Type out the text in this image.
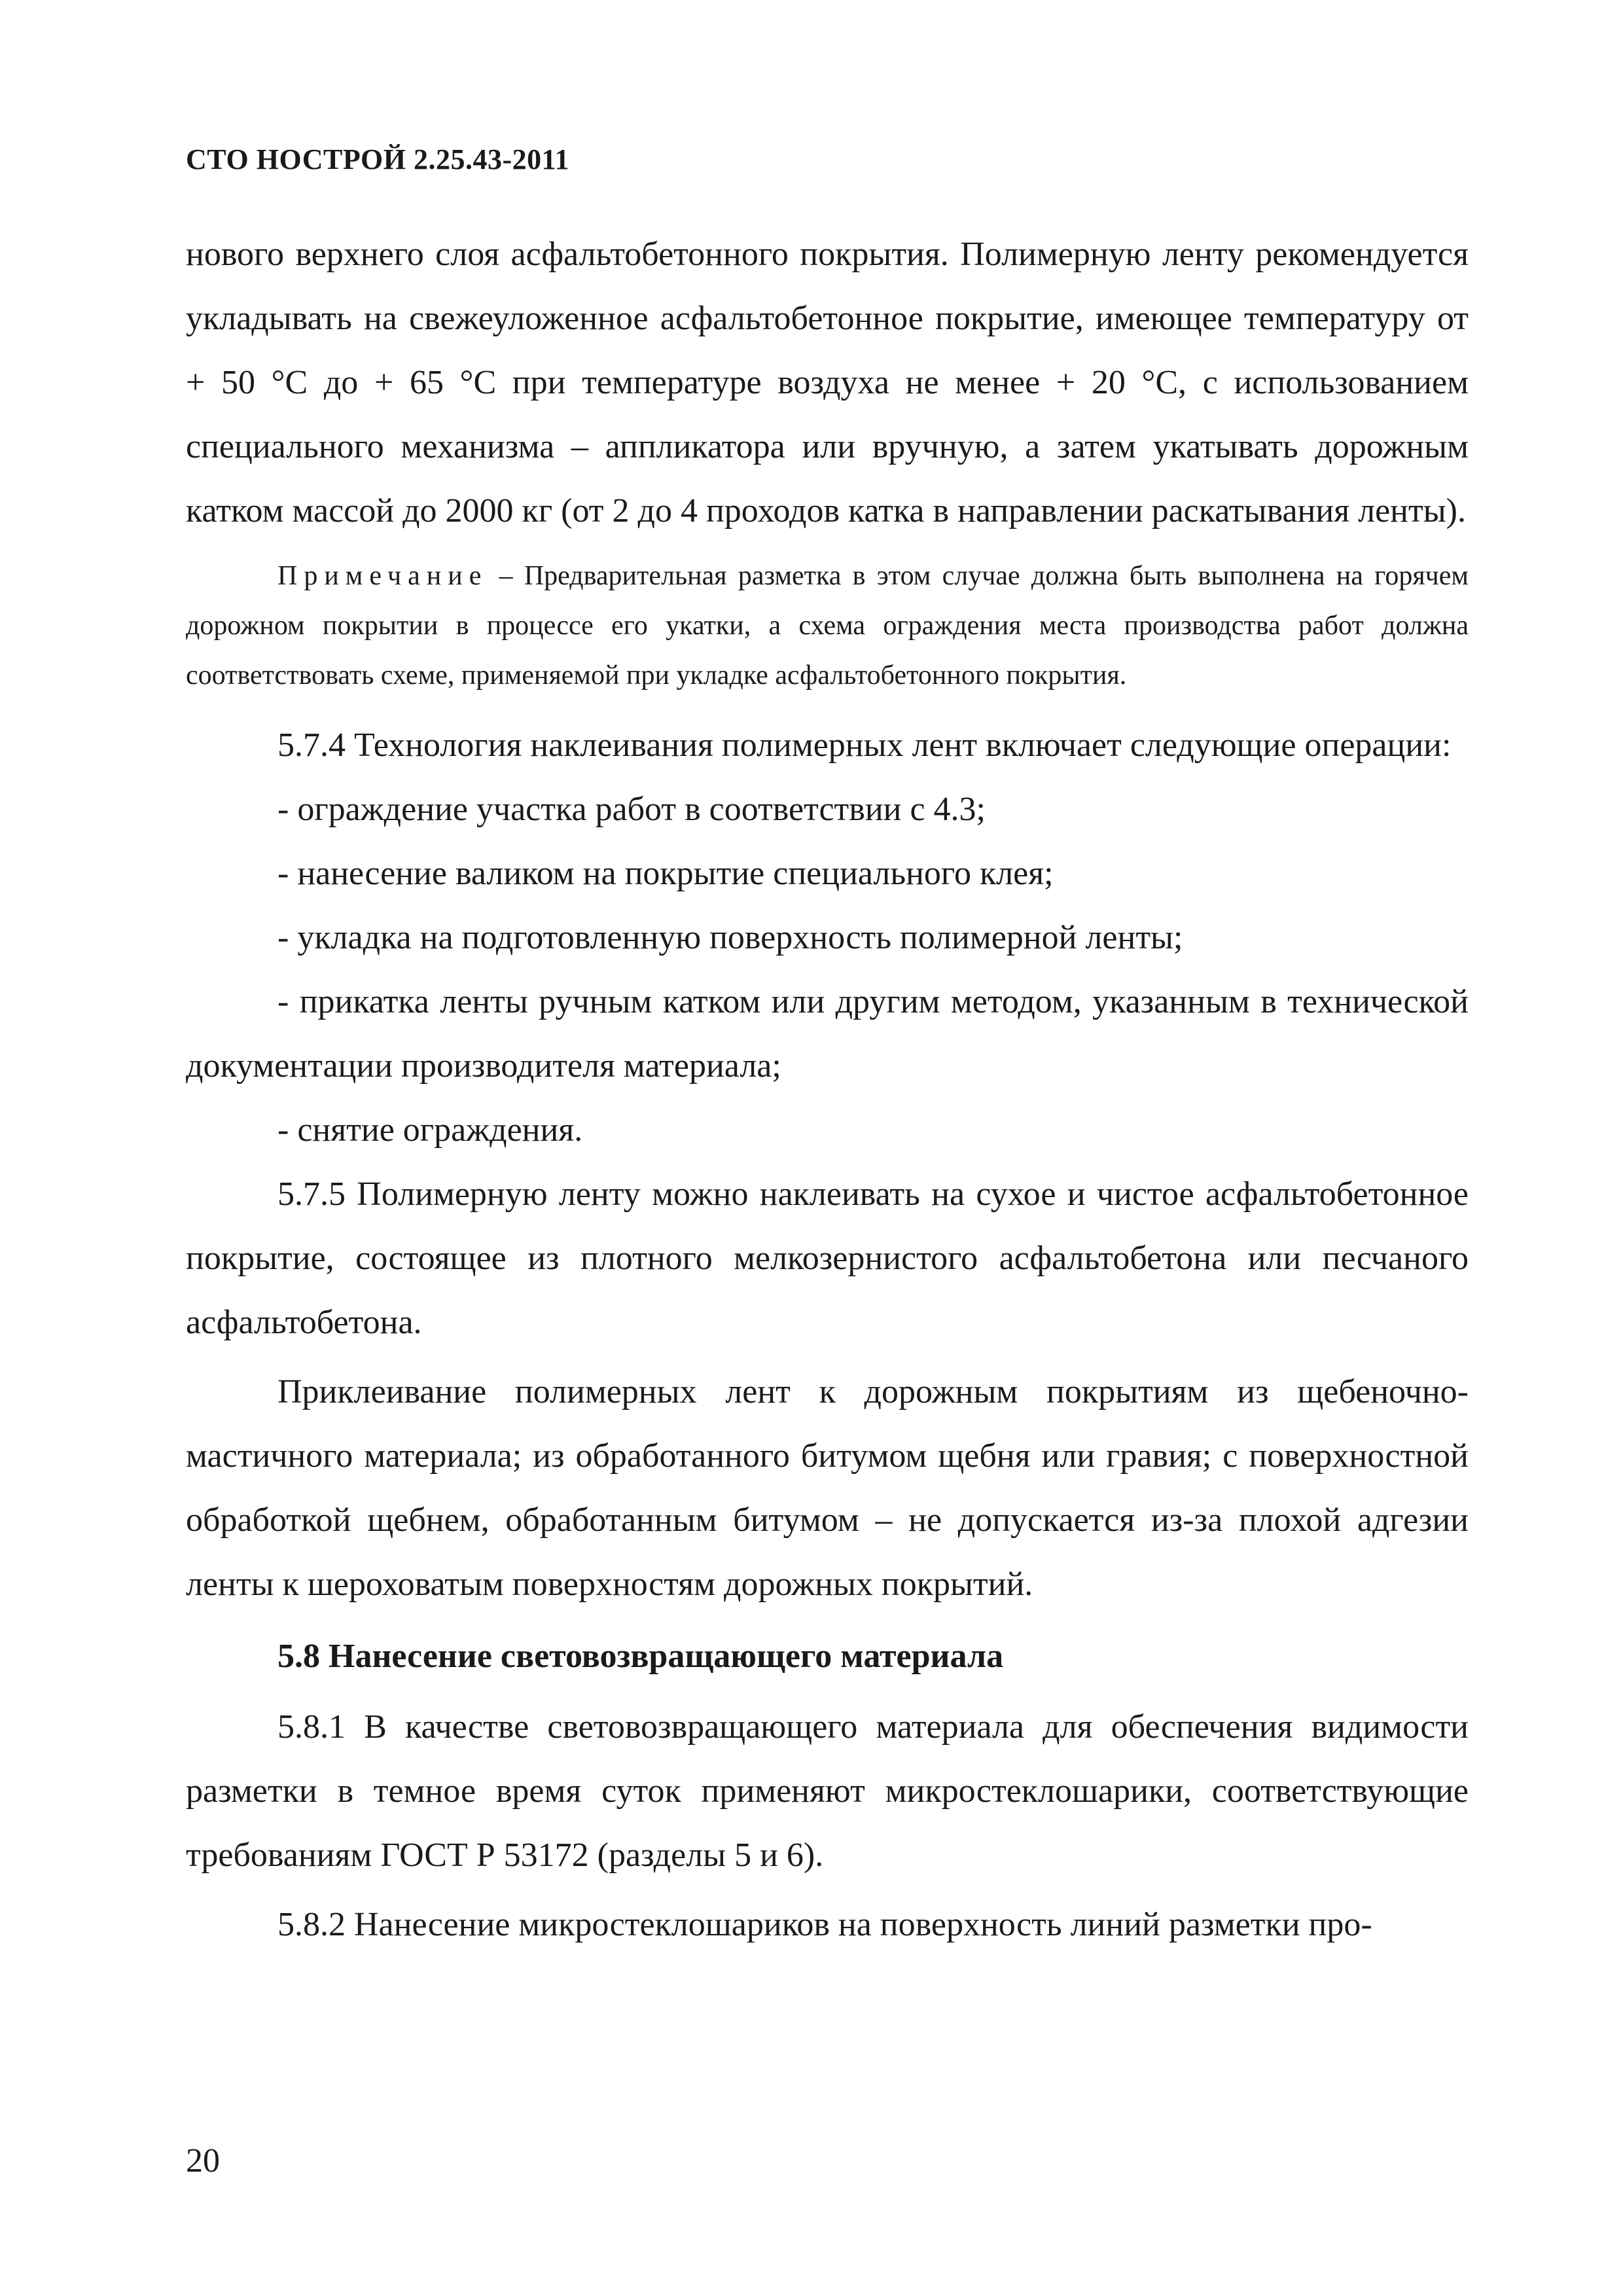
СТО НОСТРОЙ 2.25.43-2011

нового верхнего слоя асфальтобетонного покрытия. Полимерную ленту рекомендуется укладывать на свежеуложенное асфальтобетонное покрытие, имеющее температуру от + 50 °С до + 65 °С при температуре воздуха не менее + 20 °С, с использованием специального механизма – аппликатора или вручную, а затем укатывать дорожным катком массой до 2000 кг (от 2 до 4 проходов катка в направлении раскатывания ленты).

Примечание – Предварительная разметка в этом случае должна быть выполнена на горячем дорожном покрытии в процессе его укатки, а схема ограждения места производства работ должна соответствовать схеме, применяемой при укладке асфальтобетонного покрытия.

5.7.4 Технология наклеивания полимерных лент включает следующие операции:

- ограждение участка работ в соответствии с 4.3;

- нанесение валиком на покрытие специального клея;

- укладка на подготовленную поверхность полимерной ленты;

- прикатка ленты ручным катком или другим методом, указанным в технической документации производителя материала;

- снятие ограждения.

5.7.5 Полимерную ленту можно наклеивать на сухое и чистое асфальтобетонное покрытие, состоящее из плотного мелкозернистого асфальтобетона или песчаного асфальтобетона.

Приклеивание полимерных лент к дорожным покрытиям из щебеночно-мастичного материала; из обработанного битумом щебня или гравия; с поверхностной обработкой щебнем, обработанным битумом – не допускается из-за плохой адгезии ленты к шероховатым поверхностям дорожных покрытий.

5.8 Нанесение световозвращающего материала

5.8.1 В качестве световозвращающего материала для обеспечения видимости разметки в темное время суток применяют микростеклошарики, соответствующие требованиям ГОСТ Р 53172 (разделы 5 и 6).

5.8.2 Нанесение микростеклошариков на поверхность линий разметки про-

20
